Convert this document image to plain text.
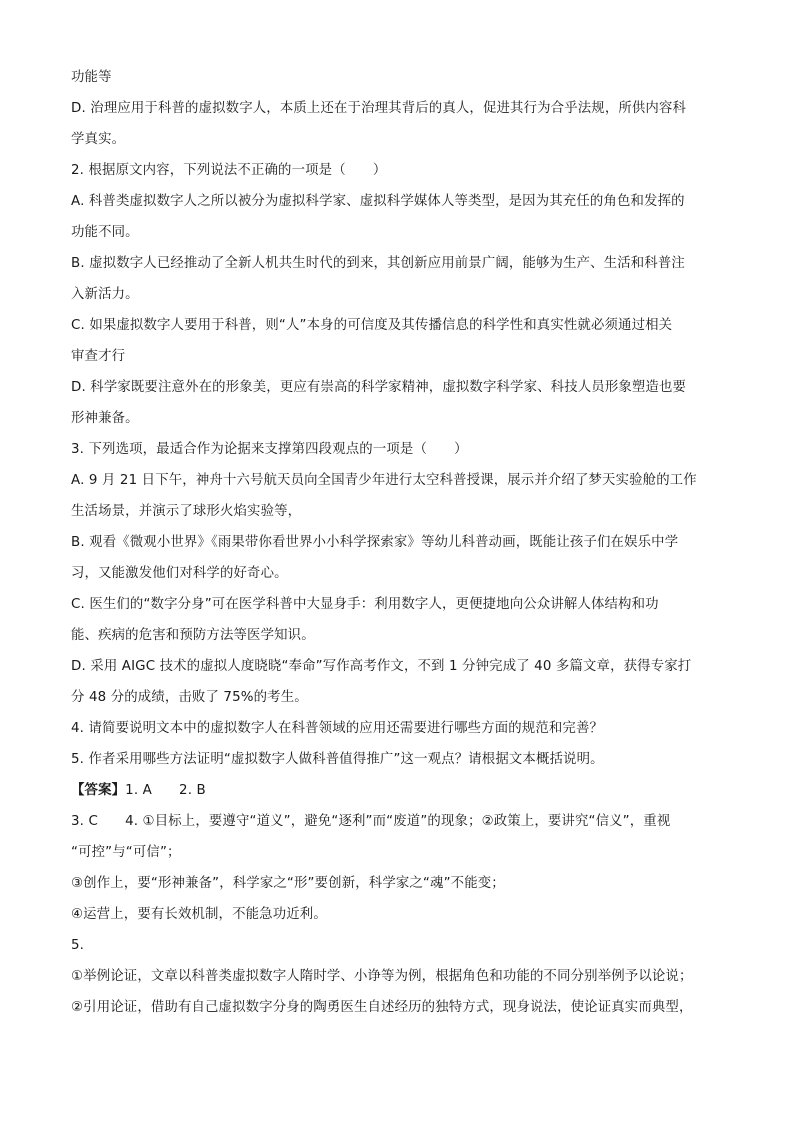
功能等
D. 治理应用于科普的虚拟数字人，本质上还在于治理其背后的真人，促进其行为合乎法规，所供内容科
学真实。
2. 根据原文内容，下列说法不正确的一项是（　　）
A. 科普类虚拟数字人之所以被分为虚拟科学家、虚拟科学媒体人等类型，是因为其充任的角色和发挥的
功能不同。
B. 虚拟数字人已经推动了全新人机共生时代的到来，其创新应用前景广阔，能够为生产、生活和科普注
入新活力。
C. 如果虚拟数字人要用于科普，则“人”本身的可信度及其传播信息的科学性和真实性就必须通过相关
审查才行
D. 科学家既要注意外在的形象美，更应有崇高的科学家精神，虚拟数字科学家、科技人员形象塑造也要
形神兼备。
3. 下列选项，最适合作为论据来支撑第四段观点的一项是（　　）
A. 9 月 21 日下午，神舟十六号航天员向全国青少年进行太空科普授课，展示并介绍了梦天实验舱的工作
生活场景，并演示了球形火焰实验等，
B. 观看《微观小世界》《雨果带你看世界小小科学探索家》等幼儿科普动画，既能让孩子们在娱乐中学
习，又能激发他们对科学的好奇心。
C. 医生们的“数字分身”可在医学科普中大显身手：利用数字人，更便捷地向公众讲解人体结构和功
能、疾病的危害和预防方法等医学知识。
D. 采用 AIGC 技术的虚拟人度晓晓“奉命”写作高考作文，不到 1 分钟完成了 40 多篇文章，获得专家打
分 48 分的成绩，击败了 75%的考生。
4. 请简要说明文本中的虚拟数字人在科普领域的应用还需要进行哪些方面的规范和完善？
5. 作者采用哪些方法证明“虚拟数字人做科普值得推广”这一观点？请根据文本概括说明。
【答案】1. A　　2. B
3. C　　4. ①目标上，要遵守“道义”，避免“逐利”而“废道”的现象；②政策上，要讲究“信义”，重视
“可控”与“可信”；
③创作上，要“形神兼备”，科学家之“形”要创新，科学家之“魂”不能变；
④运营上，要有长效机制，不能急功近利。
5.
①举例论证，文章以科普类虚拟数字人隋时学、小诤等为例，根据角色和功能的不同分别举例予以论说；
②引用论证，借助有自己虚拟数字分身的陶勇医生自述经历的独特方式，现身说法，使论证真实而典型，
